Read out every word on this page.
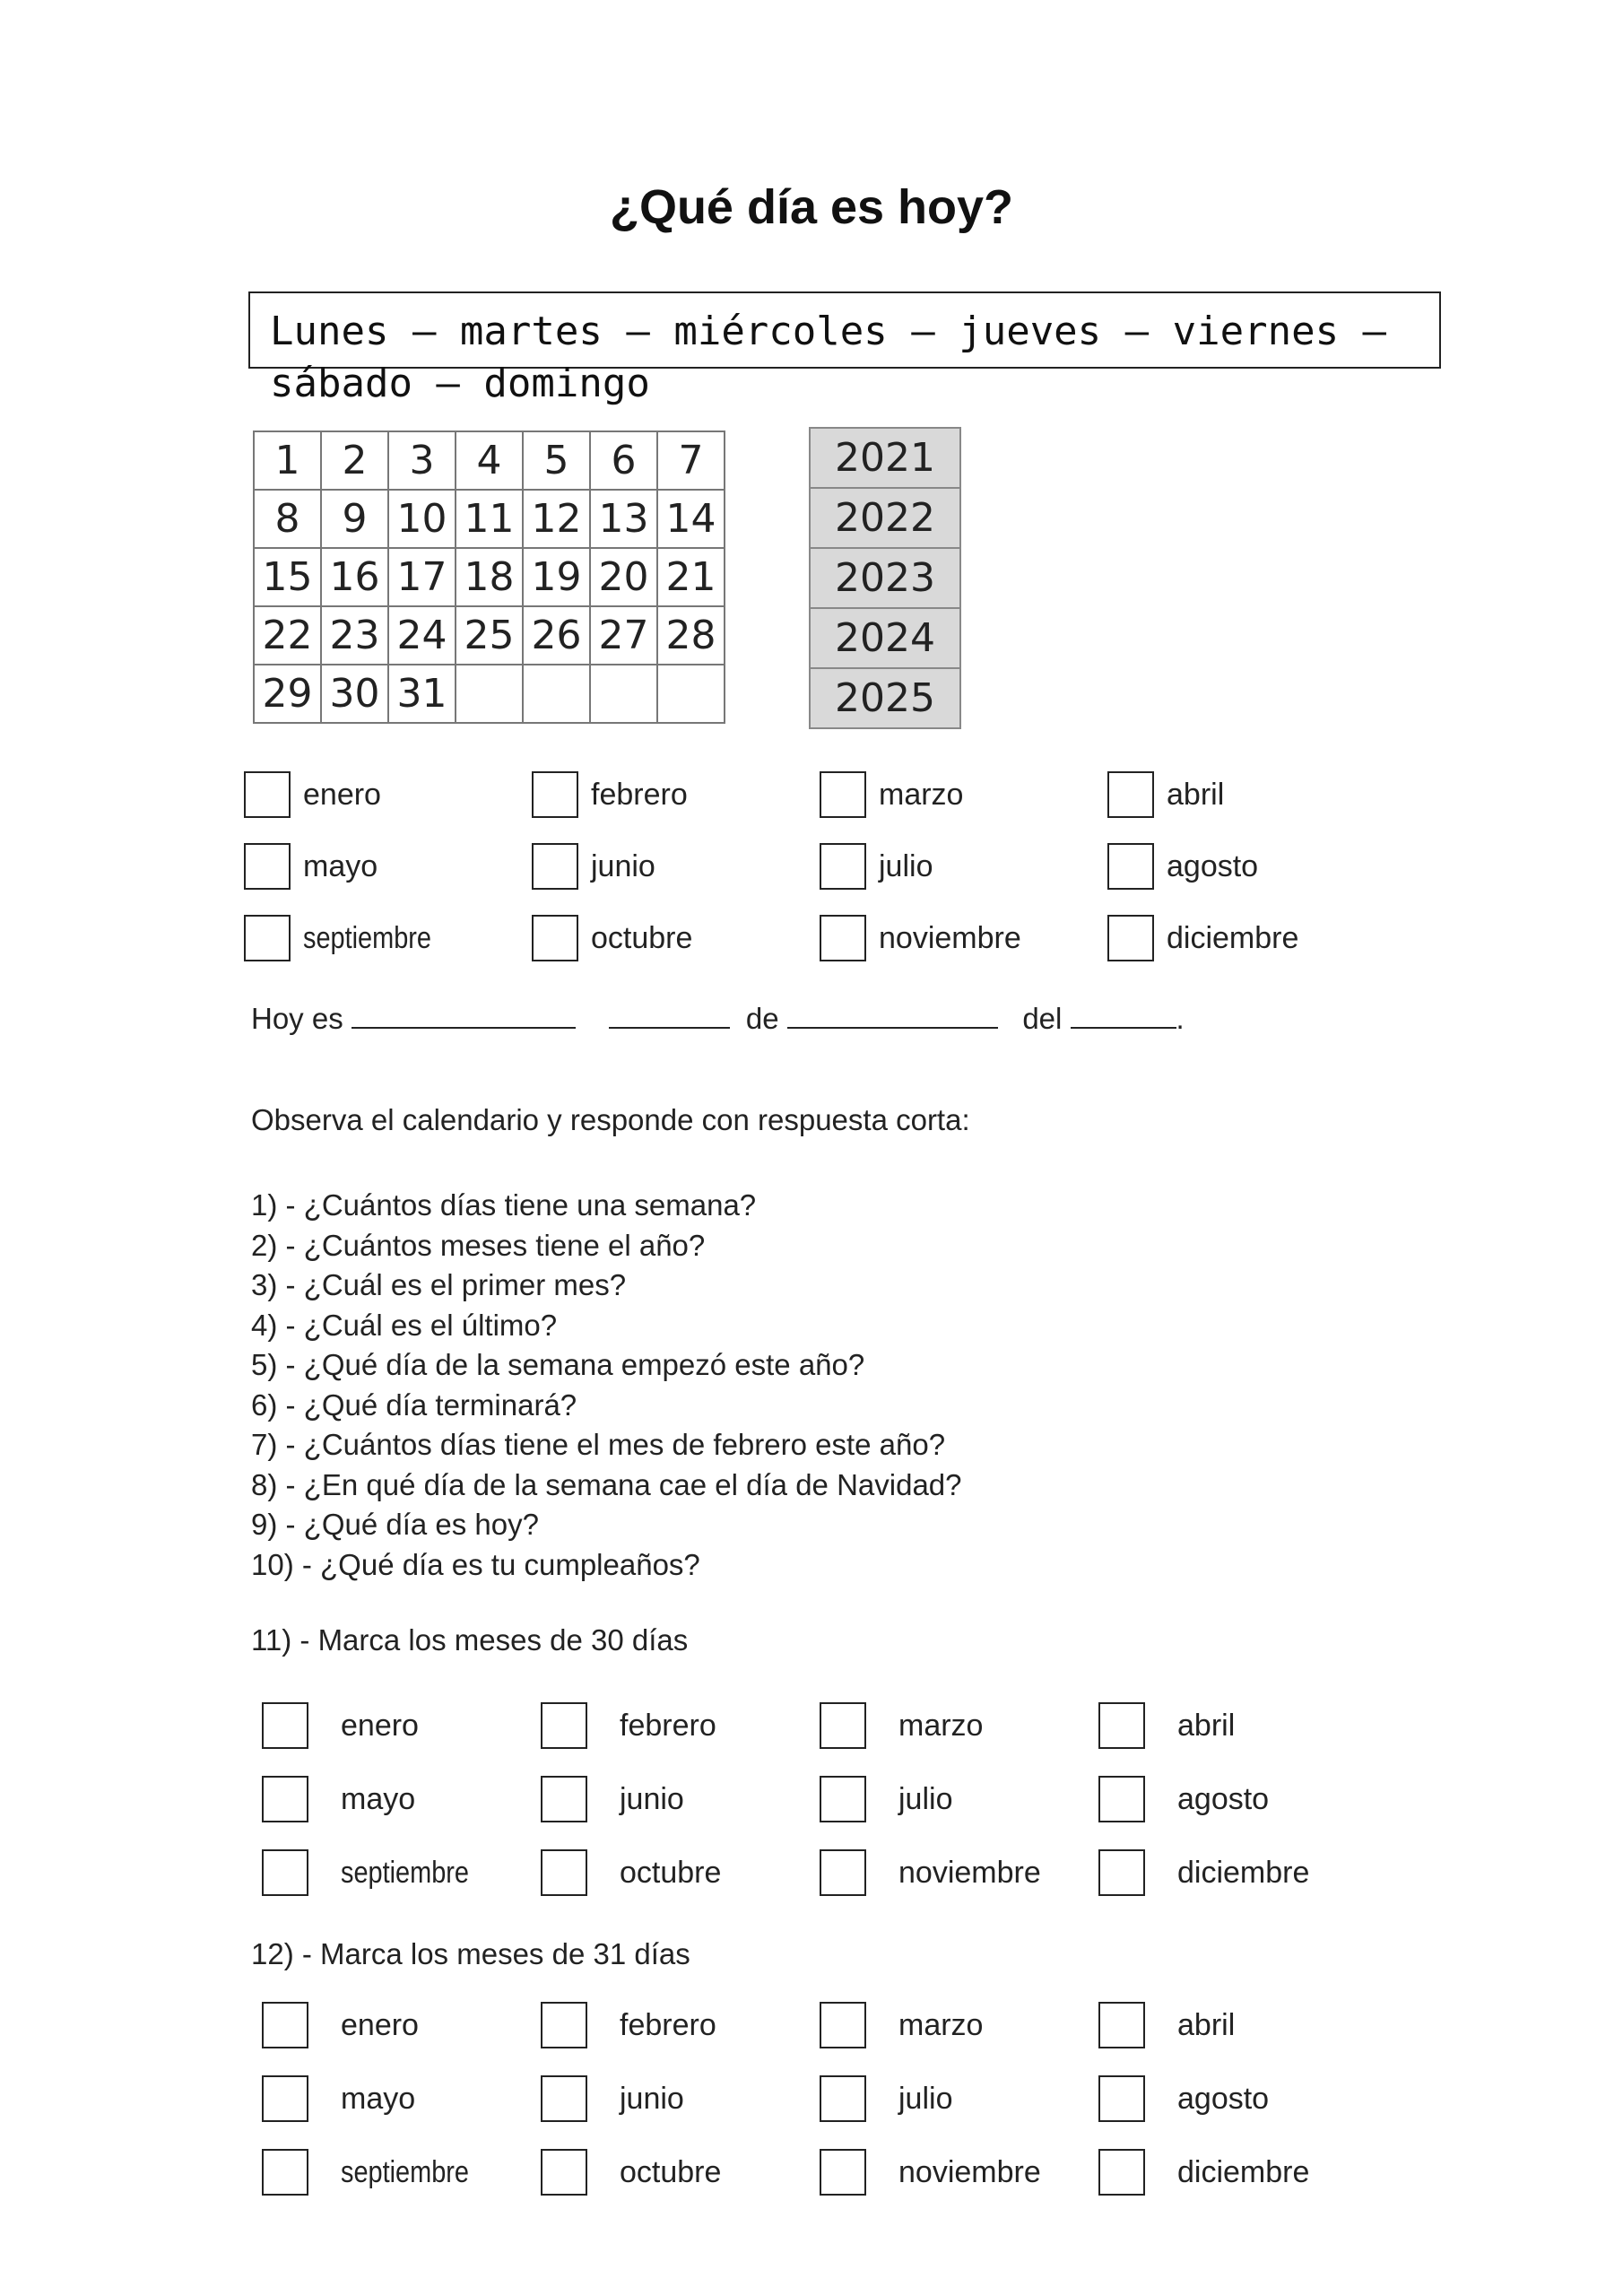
¿Qué día es hoy?
Lunes – martes – miércoles – jueves – viernes – sábado – domingo
1	2	3	4	5	6	7
8	9	10	11	12	13	14
15	16	17	18	19	20	21
22	23	24	25	26	27	28
29	30	31				
2021
2022
2023
2024
2025
enero	febrero	marzo	abril
mayo	junio	julio	agosto
septiembre	octubre	noviembre	diciembre

Hoy es	de	del	.

Observa el calendario y responde con respuesta corta:

1) - ¿Cuántos días tiene una semana?
2) - ¿Cuántos meses tiene el año?
3) - ¿Cuál es el primer mes?
4) - ¿Cuál es el último?
5) - ¿Qué día de la semana empezó este año?
6) - ¿Qué día terminará?
7) - ¿Cuántos días tiene el mes de febrero este año?
8) - ¿En qué día de la semana cae el día de Navidad?
9) - ¿Qué día es hoy?
10) - ¿Qué día es tu cumpleaños?

11) - Marca los meses de 30 días

enero	febrero	marzo	abril
mayo	junio	julio	agosto
septiembre	octubre	noviembre	diciembre

12) - Marca los meses de 31 días

enero	febrero	marzo	abril
mayo	junio	julio	agosto
septiembre	octubre	noviembre	diciembre
